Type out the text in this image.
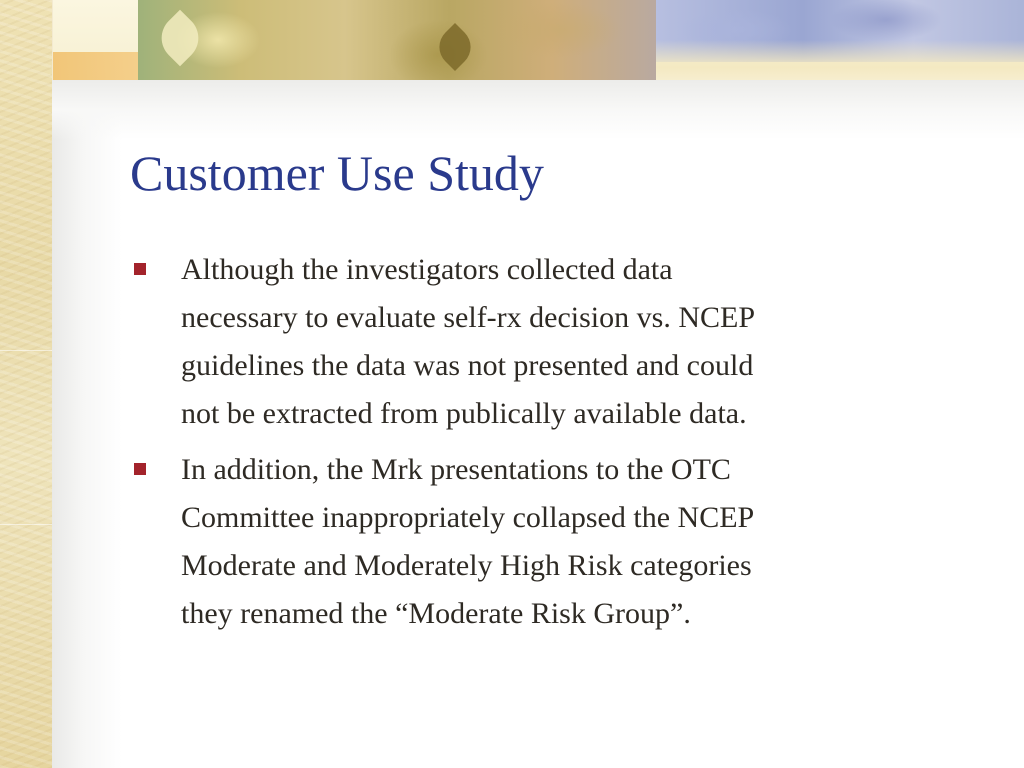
Customer Use Study
Although the investigators collected data
necessary to evaluate self-rx decision vs. NCEP
guidelines the data was not presented and could
not be extracted from publically available data.
In addition, the Mrk presentations to the OTC
Committee inappropriately collapsed the NCEP
Moderate and Moderately High Risk categories
they renamed the “Moderate Risk Group”.
